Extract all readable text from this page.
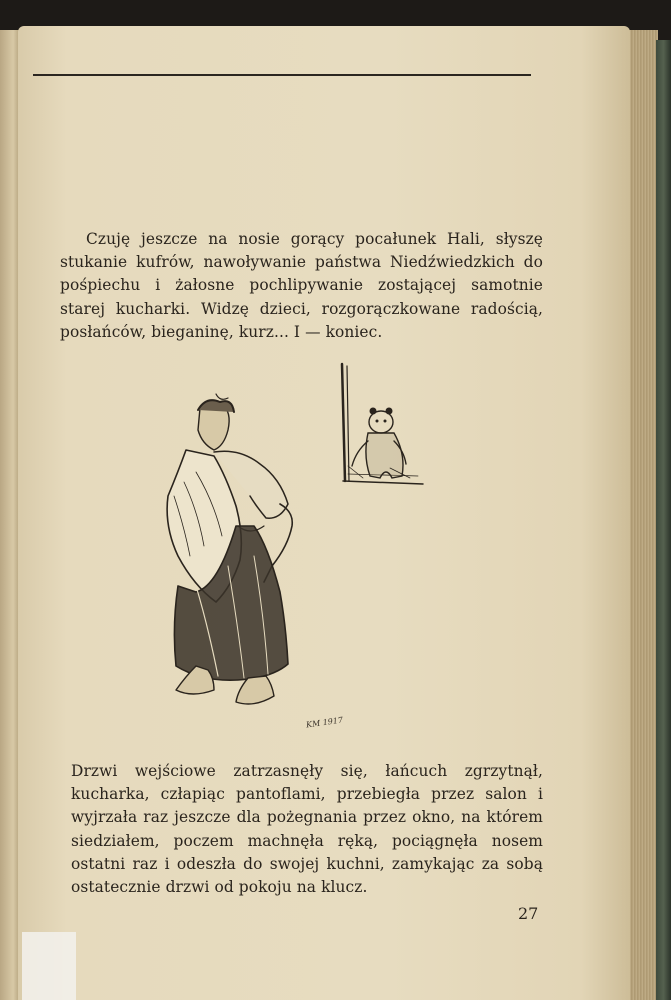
Czuję jeszcze na nosie gorący pocałunek Hali, słyszę stukanie kufrów, nawoływanie państwa Niedźwiedzkich do pośpiechu i żałosne pochlipywanie zostającej samotnie starej kucharki. Widzę dzieci, rozgorączkowane radością, posłańców, bieganinę, kurz... I — koniec.
KM 1917
Drzwi wejściowe zatrzasnęły się, łańcuch zgrzytnął, kucharka, człapiąc pantoflami, przebiegła przez salon i wyjrzała raz jeszcze dla pożegnania przez okno, na którem siedziałem, poczem machnęła ręką, pociągnęła nosem ostatni raz i odeszła do swojej kuchni, zamykając za sobą ostatecznie drzwi od pokoju na klucz.
27
